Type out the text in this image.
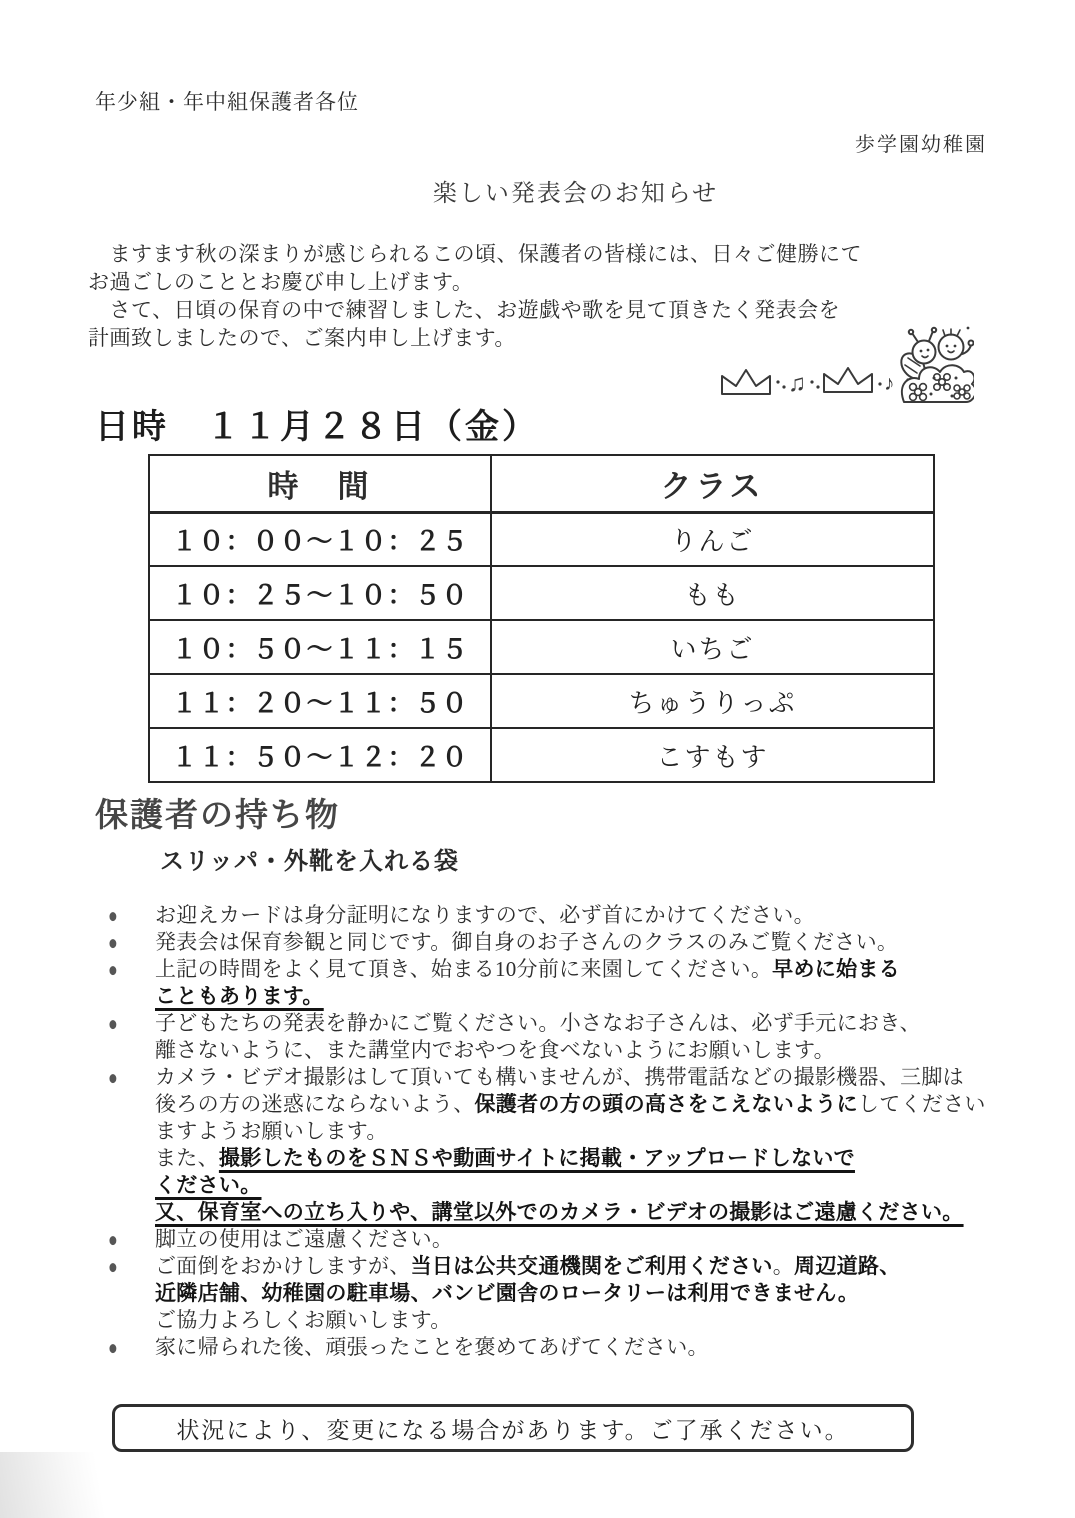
年少組・年中組保護者各位
歩学園幼稚園
楽しい発表会のお知らせ

　ますます秋の深まりが感じられるこの頃、保護者の皆様には、日々ご健勝にて
お過ごしのこととお慶び申し上げます。
　さて、日頃の保育の中で練習しました、お遊戯や歌を見て頂きたく発表会を
計画致しましたので、ご案内申し上げます。

♫	♪
日時　１１月２８日（金）
時　間	クラス
１０：００～１０：２５	りんご
１０：２５～１０：５０	もも
１０：５０～１１：１５	いちご
１１：２０～１１：５０	ちゅうりっぷ
１１：５０～１２：２０	こすもす
保護者の持ち物
スリッパ・外靴を入れる袋
● お迎えカードは身分証明になりますので、必ず首にかけてください。
● 発表会は保育参観と同じです。御自身のお子さんのクラスのみご覧ください。
● 上記の時間をよく見て頂き、始まる10分前に来園してください。早めに始まる
こともあります。
● 子どもたちの発表を静かにご覧ください。小さなお子さんは、必ず手元におき、
離さないように、また講堂内でおやつを食べないようにお願いします。
● カメラ・ビデオ撮影はして頂いても構いませんが、携帯電話などの撮影機器、三脚は
後ろの方の迷惑にならないよう、保護者の方の頭の高さをこえないようにしてください
ますようお願いします。
また、撮影したものをＳＮＳや動画サイトに掲載・アップロードしないで
ください。
又、保育室への立ち入りや、講堂以外でのカメラ・ビデオの撮影はご遠慮ください。
● 脚立の使用はご遠慮ください。
● ご面倒をおかけしますが、当日は公共交通機関をご利用ください。周辺道路、
近隣店舗、幼稚園の駐車場、バンビ園舎のロータリーは利用できません。
ご協力よろしくお願いします。
● 家に帰られた後、頑張ったことを褒めてあげてください。
状況により、変更になる場合があります。ご了承ください。
